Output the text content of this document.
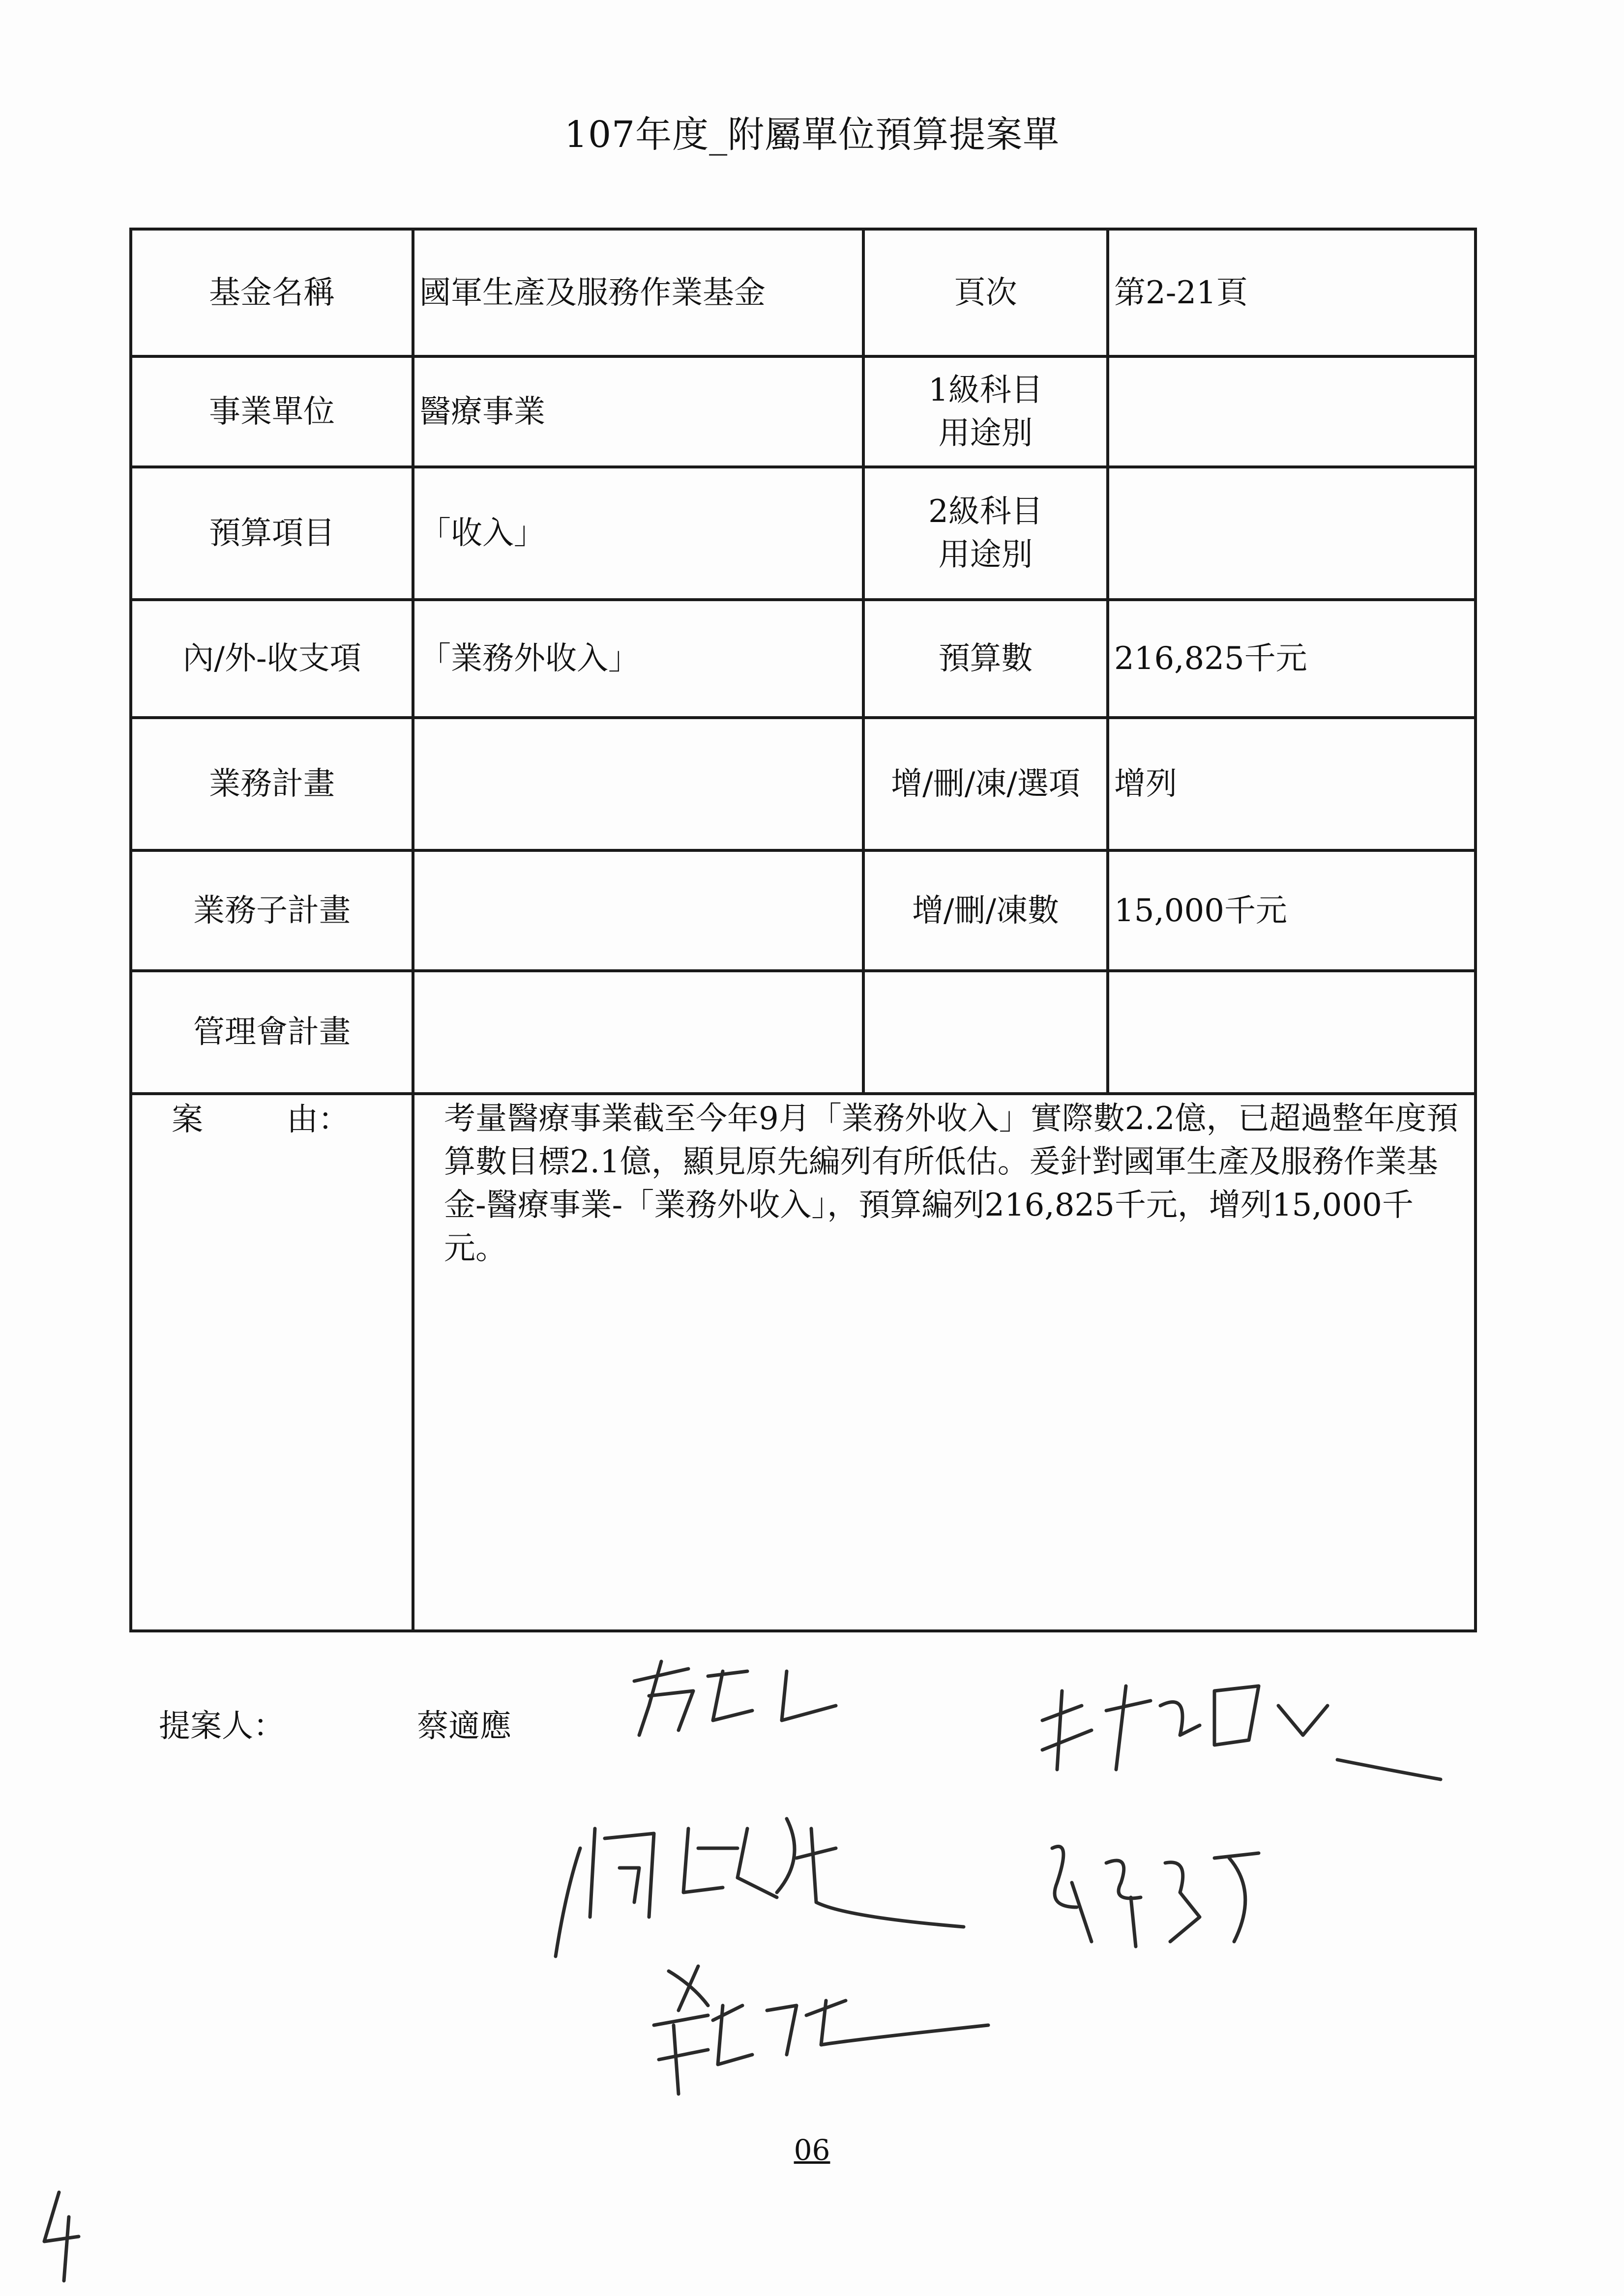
107年度_附屬單位預算提案單
基金名稱	國軍生產及服務作業基金	頁次	第2-21頁
事業單位	醫療事業	1級科目
用途別	
預算項目	「收入」	2級科目
用途別	
內/外-收支項	「業務外收入」	預算數	216,825千元
業務計畫		增/刪/凍/選項	增列
業務子計畫		增/刪/凍數	15,000千元
管理會計畫			
案 由：	考量醫療事業截至今年9月「業務外收入」實際數2.2億，已超過整年度預算數目標2.1億，顯見原先編列有所低估。爰針對國軍生產及服務作業基金-醫療事業-「業務外收入」，預算編列216,825千元，增列15,000千元。		
提案人：	蔡適應
06
